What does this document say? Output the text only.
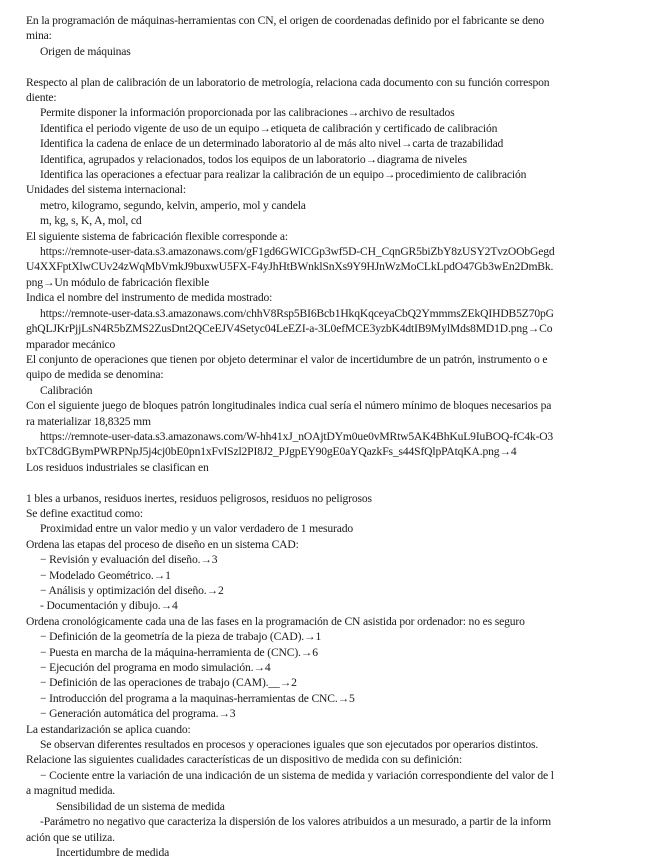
En la programación de máquinas-herramientas con CN, el origen de coordenadas definido por el fabricante se deno
mina:
Origen de máquinas
Respecto al plan de calibración de un laboratorio de metrología, relaciona cada documento con su función correspon
diente:
Permite disponer la información proporcionada por las calibraciones→archivo de resultados
Identifica el periodo vigente de uso de un equipo→etiqueta de calibración y certificado de calibración
Identifica la cadena de enlace de un determinado laboratorio al de más alto nivel→carta de trazabilidad
Identifica, agrupados y relacionados, todos los equipos de un laboratorio→diagrama de niveles
Identifica las operaciones a efectuar para realizar la calibración de un equipo→procedimiento de calibración
Unidades del sistema internacional:
metro, kilogramo, segundo, kelvin, amperio, mol y candela
m, kg, s, K, A, mol, cd
El siguiente sistema de fabricación flexible corresponde a:
https://remnote-user-data.s3.amazonaws.com/gF1gd6GWICGp3wf5D-CH_CqnGR5biZbY8zUSY2TvzOObGegd
U4XXFptXlwCUv24zWqMbVmkJ9buxwU5FX-F4yJhHtBWnklSnXs9Y9HJnWzMoCLkLpdO47Gb3wEn2DmBk.
png→Un módulo de fabricación flexible
Indica el nombre del instrumento de medida mostrado:
https://remnote-user-data.s3.amazonaws.com/chhV8Rsp5BI6Bcb1HkqKqceyaCbQ2YmmmsZEkQIHDB5Z70pG
ghQLJKrPjjLsN4R5bZMS2ZusDnt2QCeEJV4Setyc04LeEZI-a-3L0efMCE3yzbK4dtIB9MylMds8MD1D.png→Co
mparador mecánico
El conjunto de operaciones que tienen por objeto determinar el valor de incertidumbre de un patrón, instrumento o e
quipo de medida se denomina:
Calibración
Con el siguiente juego de bloques patrón longitudinales indica cual sería el número mínimo de bloques necesarios pa
ra materializar 18,8325 mm
https://remnote-user-data.s3.amazonaws.com/W-hh41xJ_nOAjtDYm0ue0vMRtw5AK4BhKuL9IuBOQ-fC4k-O3
bxTC8dGBymPWRPNpJ5j4cj0bE0pn1xFvISzl2PI8J2_PJgpEY90gE0aYQazkFs_s44SfQlpPAtqKA.png→4
Los residuos industriales se clasifican en
1 bles a urbanos, residuos inertes, residuos peligrosos, residuos no peligrosos
Se define exactitud como:
Proximidad entre un valor medio y un valor verdadero de 1 mesurado
Ordena las etapas del proceso de diseño en un sistema CAD:
− Revisión y evaluación del diseño.→3
− Modelado Geométrico.→1
− Análisis y optimización del diseño.→2
- Documentación y dibujo.→4
Ordena cronológicamente cada una de las fases en la programación de CN asistida por ordenador: no es seguro
− Definición de la geometría de la pieza de trabajo (CAD).→1
− Puesta en marcha de la máquina-herramienta de (CNC).→6
− Ejecución del programa en modo simulación.→4
− Definición de las operaciones de trabajo (CAM).__→2
− Introducción del programa a la maquinas-herramientas de CNC.→5
− Generación automática del programa.→3
La estandarización se aplica cuando:
Se observan diferentes resultados en procesos y operaciones iguales que son ejecutados por operarios distintos.
Relacione las siguientes cualidades características de un dispositivo de medida con su definición:
− Cociente entre la variación de una indicación de un sistema de medida y variación correspondiente del valor de l
a magnitud medida.
Sensibilidad de un sistema de medida
-Parámetro no negativo que caracteriza la dispersión de los valores atribuidos a un mesurado, a partir de la inform
ación que se utiliza.
Incertidumbre de medida
